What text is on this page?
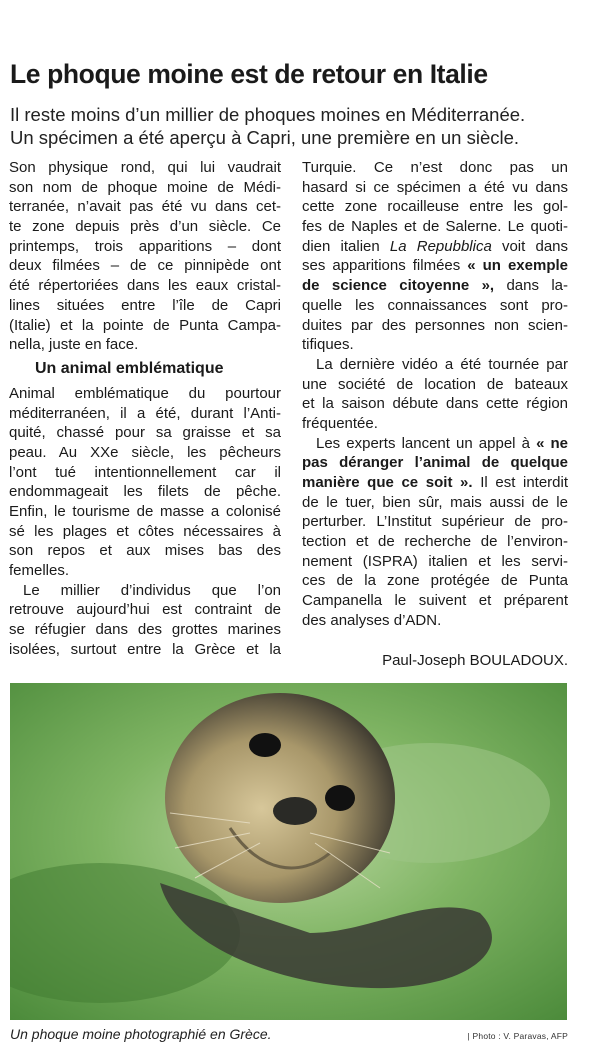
Le phoque moine est de retour en Italie
Il reste moins d’un millier de phoques moines en Méditerranée.
Un spécimen a été aperçu à Capri, une première en un siècle.
Son physique rond, qui lui vaudrait
son nom de phoque moine de Médi-
terranée, n’avait pas été vu dans cet-
te zone depuis près d’un siècle. Ce
printemps, trois apparitions – dont
deux filmées – de ce pinnipède ont
été répertoriées dans les eaux cristal-
lines situées entre l’île de Capri
(Italie) et la pointe de Punta Campa-
nella, juste en face.
Un animal emblématique
Animal emblématique du pourtour
méditerranéen, il a été, durant l’Anti-
quité, chassé pour sa graisse et sa
peau. Au XXe siècle, les pêcheurs
l’ont tué intentionnellement car il
endommageait les filets de pêche.
Enfin, le tourisme de masse a colonisé
sé les plages et côtes nécessaires à
son repos et aux mises bas des
femelles.
Le millier d’individus que l’on
retrouve aujourd’hui est contraint de
se réfugier dans des grottes marines
isolées, surtout entre la Grèce et la
Turquie. Ce n’est donc pas un
hasard si ce spécimen a été vu dans
cette zone rocailleuse entre les gol-
fes de Naples et de Salerne. Le quoti-
dien italien La Repubblica voit dans
ses apparitions filmées « un exemple
de science citoyenne », dans la-
quelle les connaissances sont pro-
duites par des personnes non scien-
tifiques.
La dernière vidéo a été tournée par
une société de location de bateaux
et la saison débute dans cette région
fréquentée.
Les experts lancent un appel à « ne
pas déranger l’animal de quelque
manière que ce soit ». Il est interdit
de le tuer, bien sûr, mais aussi de le
perturber. L’Institut supérieur de pro-
tection et de recherche de l’environ-
nement (ISPRA) italien et les servi-
ces de la zone protégée de Punta
Campanella le suivent et préparent
des analyses d’ADN.
Paul-Joseph BOULADOUX.
Un phoque moine photographié en Grèce.	| Photo : V. Paravas, AFP
